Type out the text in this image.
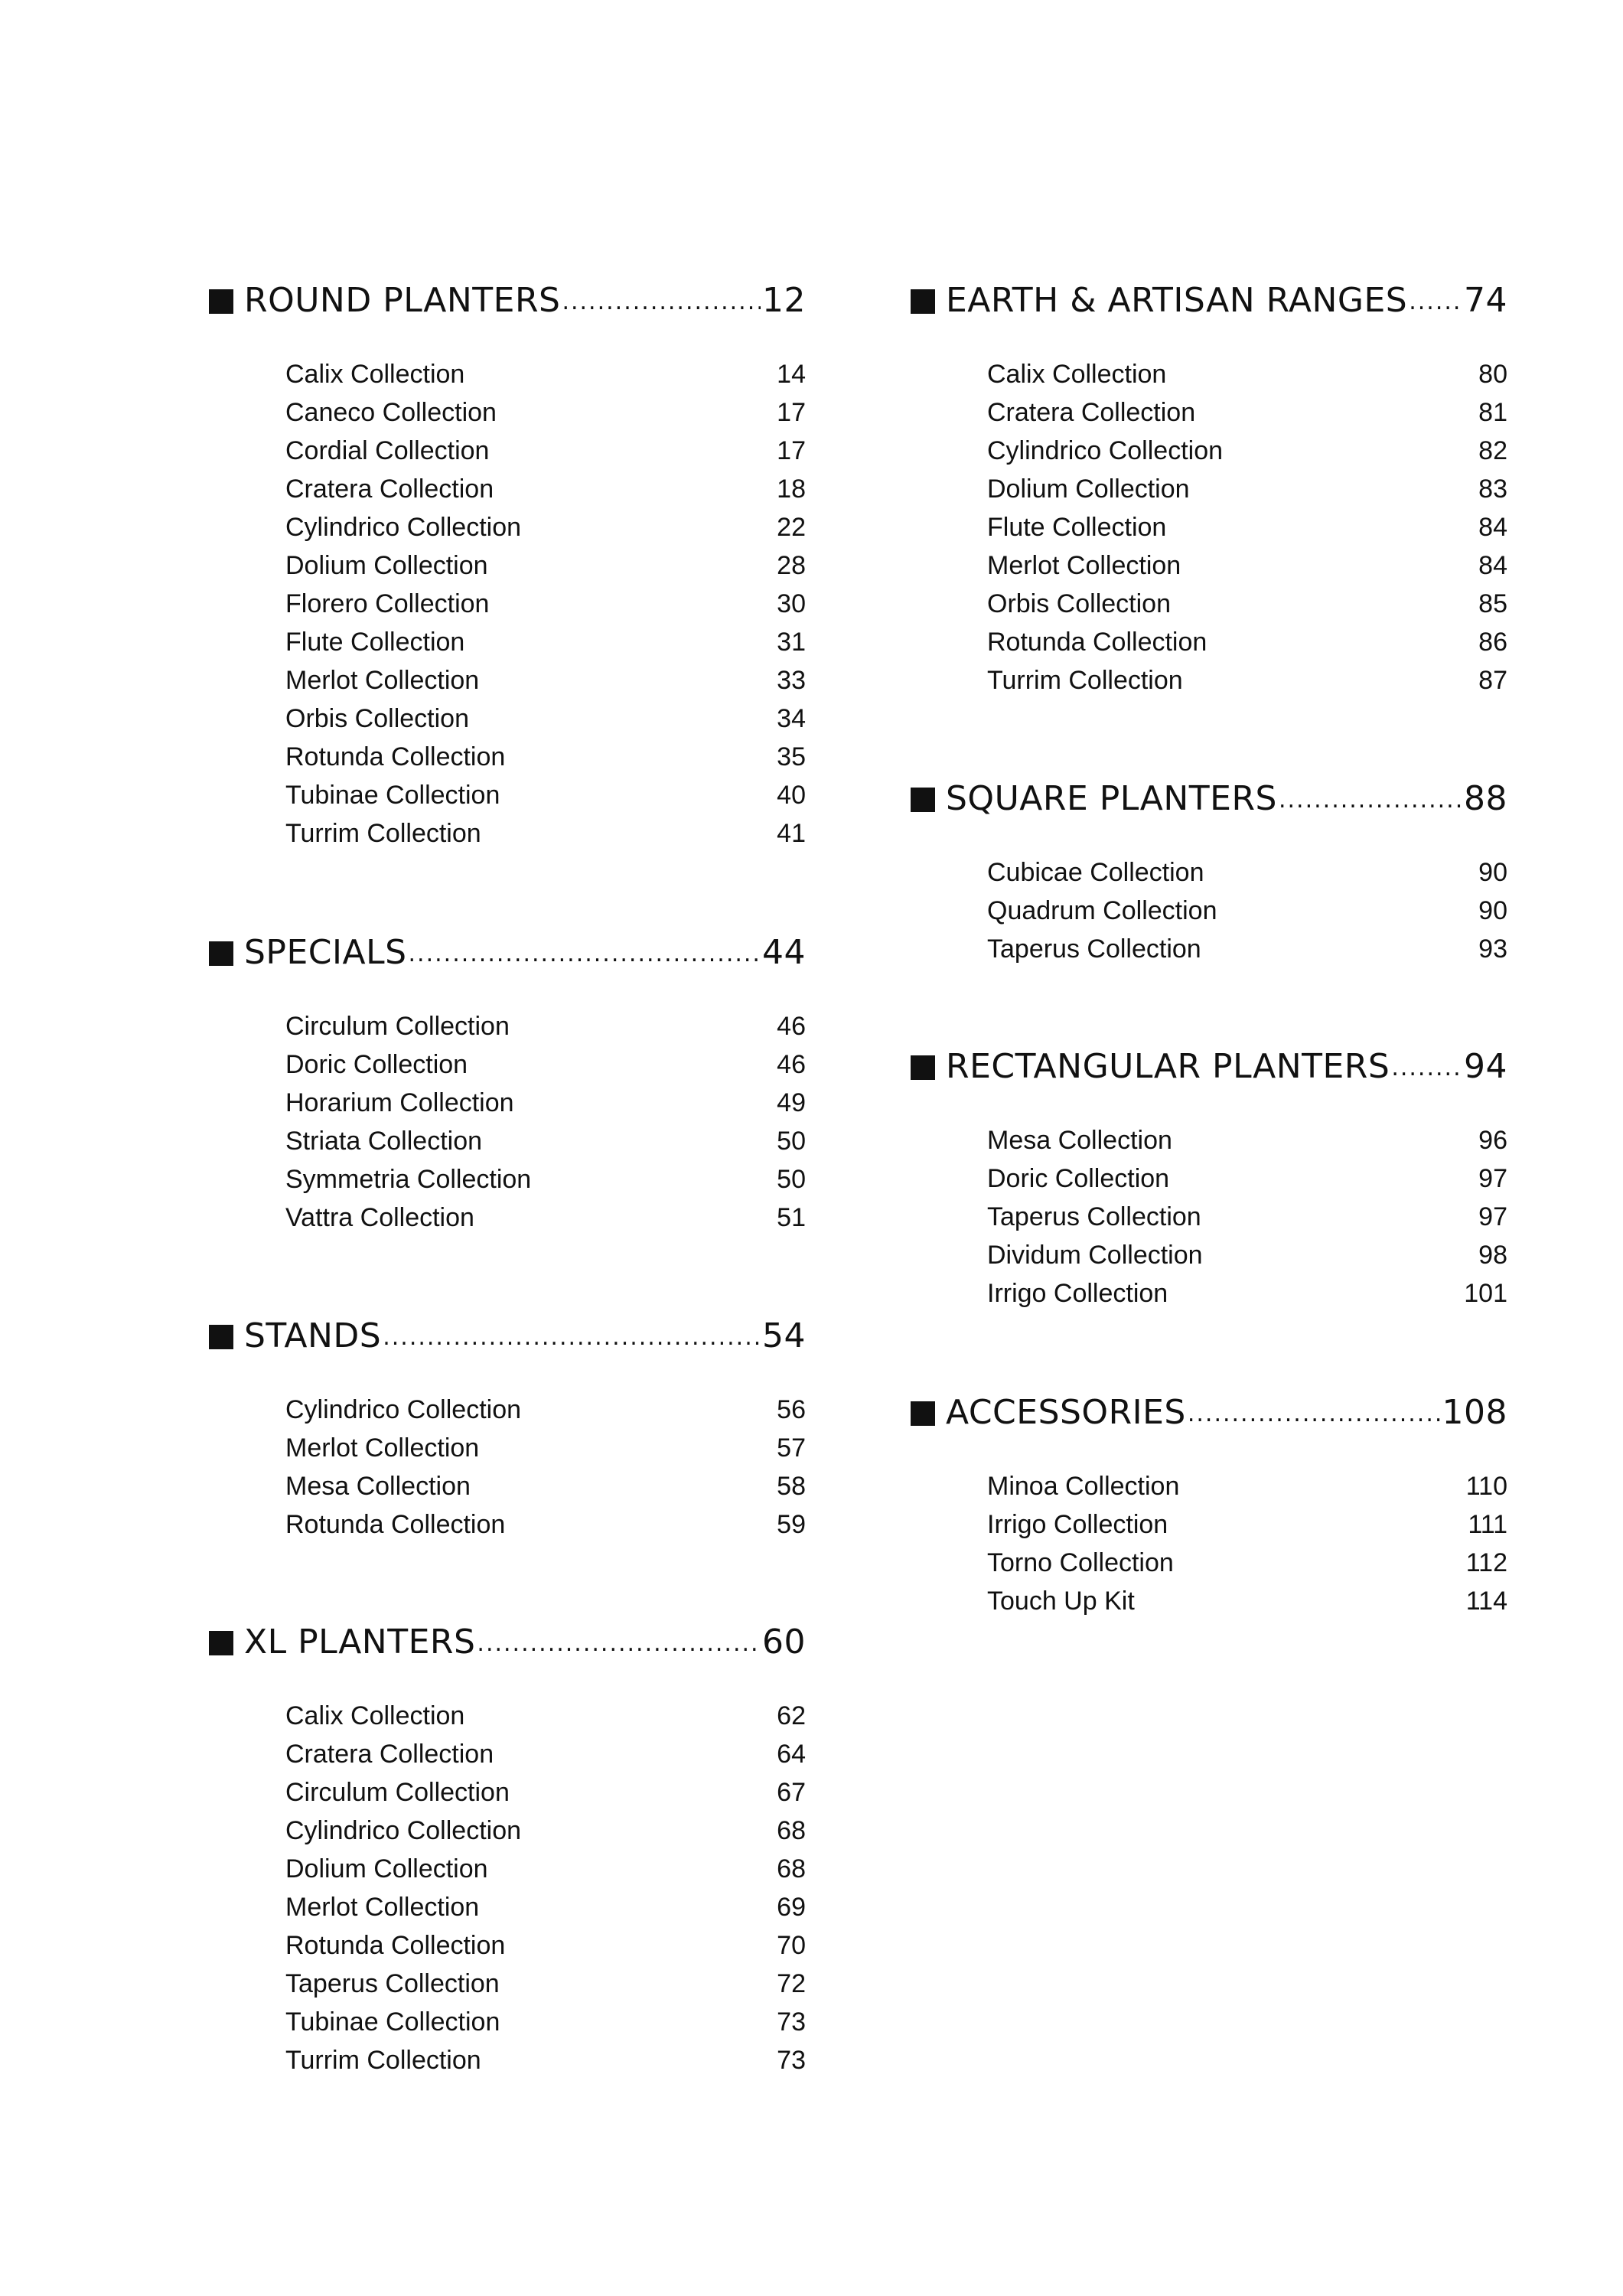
ROUND PLANTERS .....	12
Calix Collection	14
Caneco Collection	17
Cordial Collection	17
Cratera Collection	18
Cylindrico Collection	22
Dolium Collection	28
Florero Collection	30
Flute Collection	31
Merlot Collection	33
Orbis Collection	34
Rotunda Collection	35
Tubinae Collection	40
Turrim Collection	41
SPECIALS .....	44
Circulum Collection	46
Doric Collection	46
Horarium Collection	49
Striata Collection	50
Symmetria Collection	50
Vattra Collection	51
STANDS .....	54
Cylindrico Collection	56
Merlot Collection	57
Mesa Collection	58
Rotunda Collection	59
XL PLANTERS .....	60
Calix Collection	62
Cratera Collection	64
Circulum Collection	67
Cylindrico Collection	68
Dolium Collection	68
Merlot Collection	69
Rotunda Collection	70
Taperus Collection	72
Tubinae Collection	73
Turrim Collection	73
EARTH & ARTISAN RANGES ..... 74
Calix Collection	80
Cratera Collection	81
Cylindrico Collection	82
Dolium Collection	83
Flute Collection	84
Merlot Collection	84
Orbis Collection	85
Rotunda Collection	86
Turrim Collection	87
SQUARE PLANTERS .....	88
Cubicae Collection	90
Quadrum Collection	90
Taperus Collection	93
RECTANGULAR PLANTERS ..... 94
Mesa Collection	96
Doric Collection	97
Taperus Collection	97
Dividum Collection	98
Irrigo Collection	101
ACCESSORIES .....	108
Minoa Collection	110
Irrigo Collection	111
Torno Collection	112
Touch Up Kit	114
